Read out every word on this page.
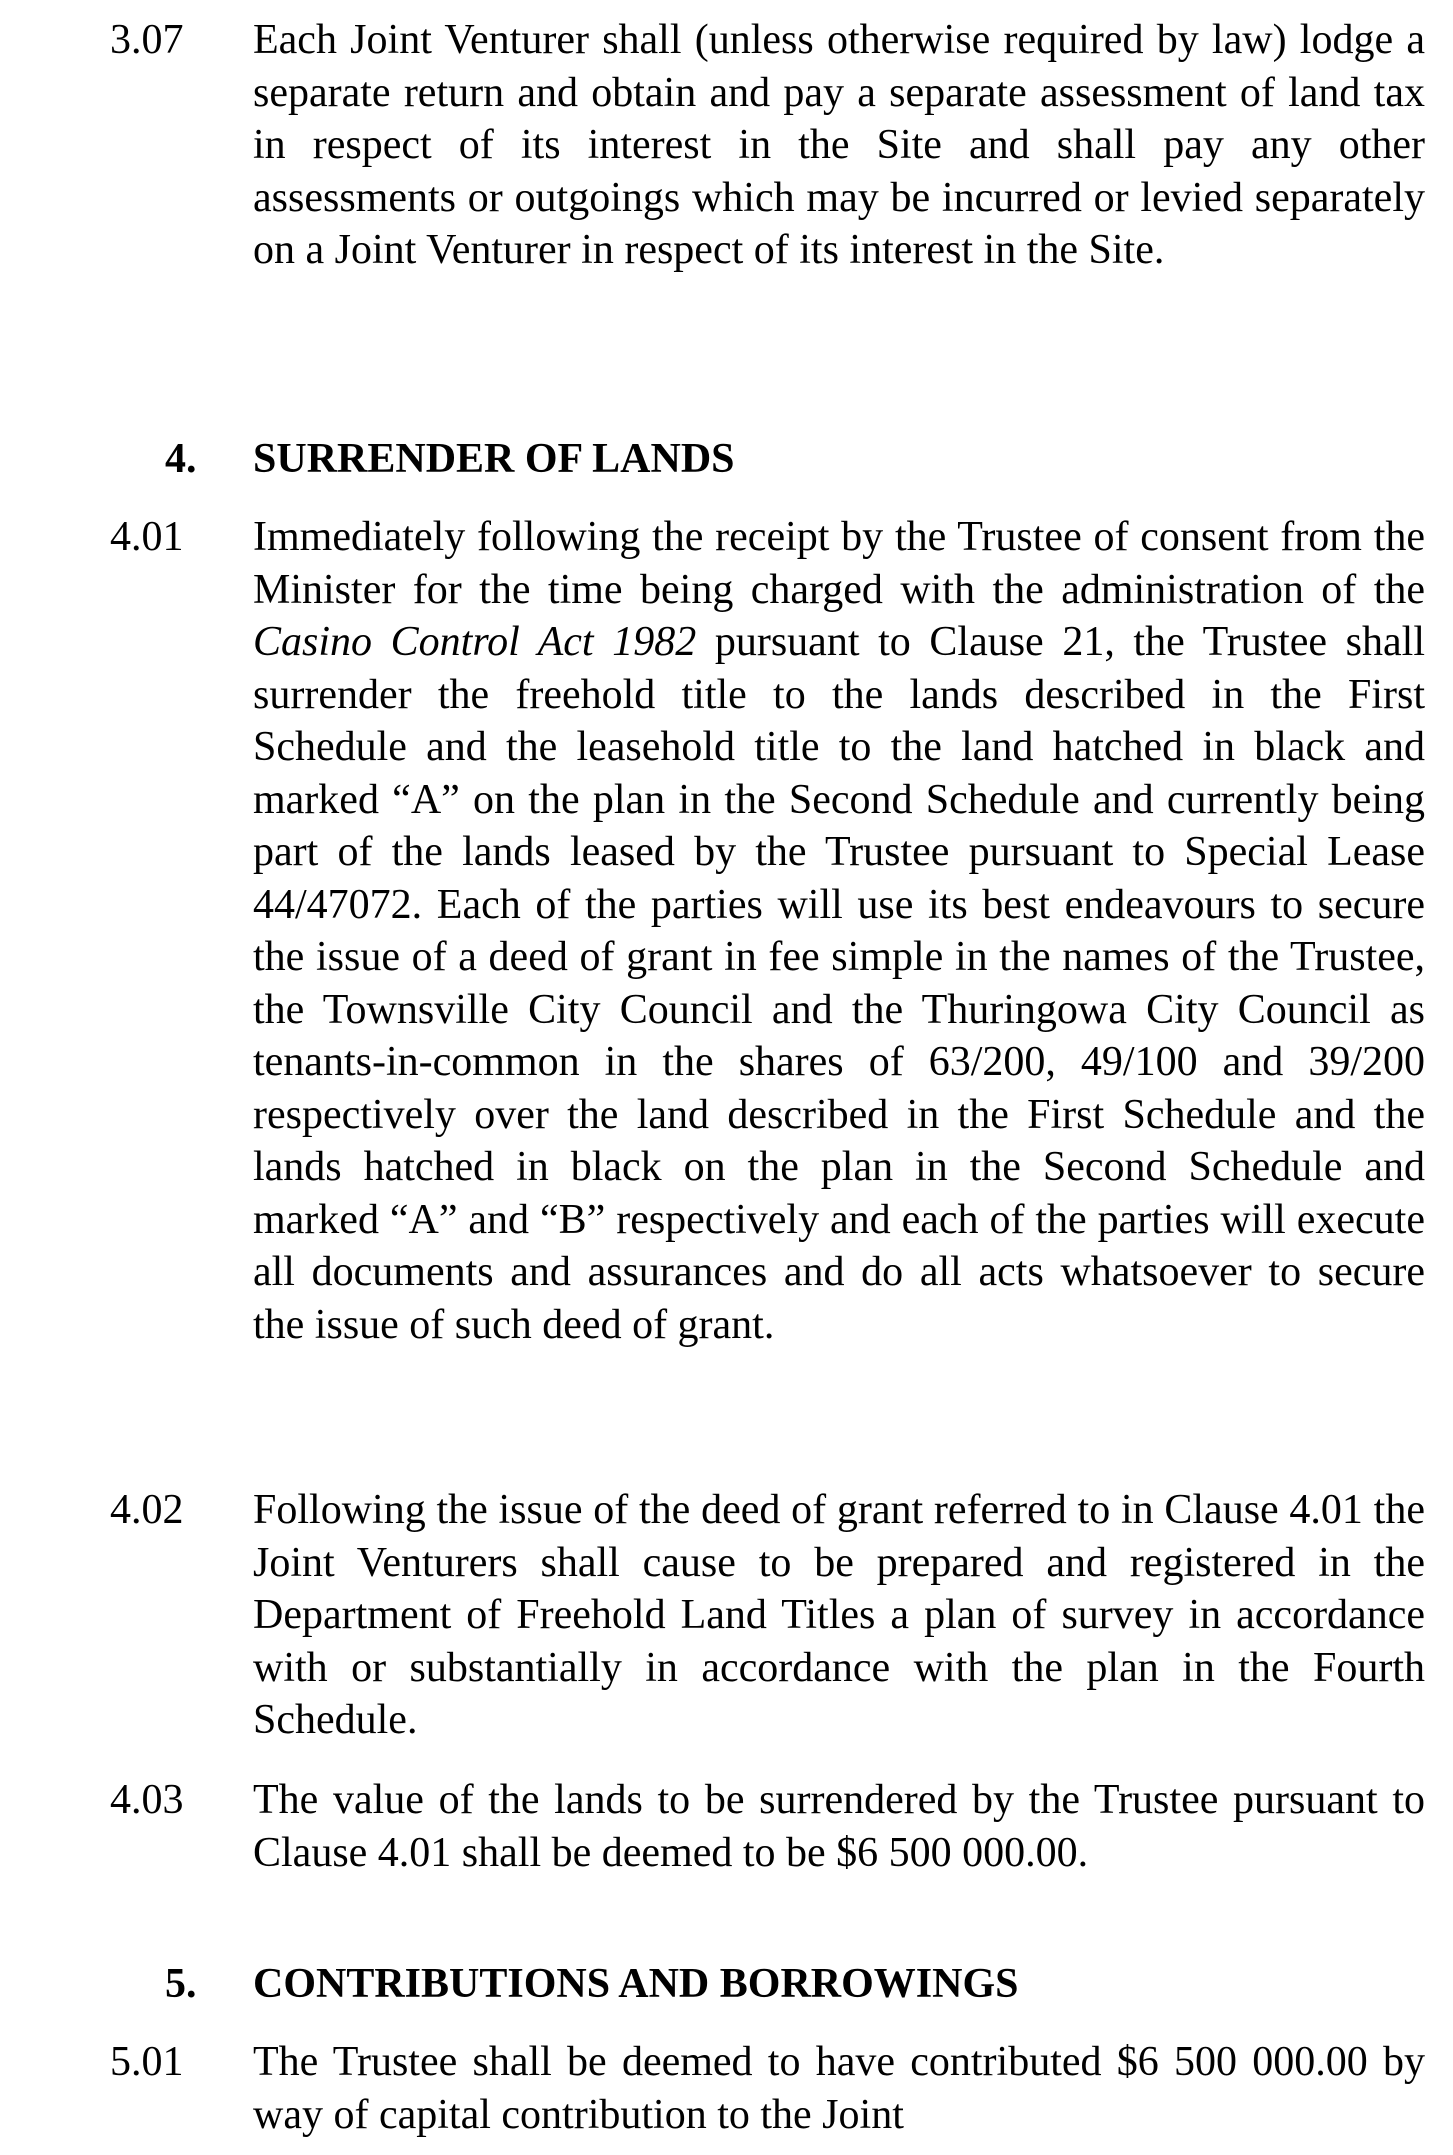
3.07	Each Joint Venturer shall (unless otherwise required by law) lodge a separate return and obtain and pay a separate assessment of land tax in respect of its interest in the Site and shall pay any other assessments or outgoings which may be incurred or levied separately on a Joint Venturer in respect of its interest in the Site.
4. SURRENDER OF LANDS
4.01	Immediately following the receipt by the Trustee of consent from the Minister for the time being charged with the administration of the Casino Control Act 1982 pursuant to Clause 21, the Trustee shall surrender the freehold title to the lands described in the First Schedule and the leasehold title to the land hatched in black and marked “A” on the plan in the Second Schedule and currently being part of the lands leased by the Trustee pursuant to Special Lease 44/47072. Each of the parties will use its best endeavours to secure the issue of a deed of grant in fee simple in the names of the Trustee, the Townsville City Council and the Thuringowa City Council as tenants-in-common in the shares of 63/200, 49/100 and 39/200 respectively over the land described in the First Schedule and the lands hatched in black on the plan in the Second Schedule and marked “A” and “B” respectively and each of the parties will execute all documents and assurances and do all acts whatsoever to secure the issue of such deed of grant.
4.02	Following the issue of the deed of grant referred to in Clause 4.01 the Joint Venturers shall cause to be prepared and registered in the Department of Freehold Land Titles a plan of survey in accordance with or substantially in accordance with the plan in the Fourth Schedule.
4.03	The value of the lands to be surrendered by the Trustee pursuant to Clause 4.01 shall be deemed to be $6 500 000.00.
5. CONTRIBUTIONS AND BORROWINGS
5.01	The Trustee shall be deemed to have contributed $6 500 000.00 by way of capital contribution to the Joint
